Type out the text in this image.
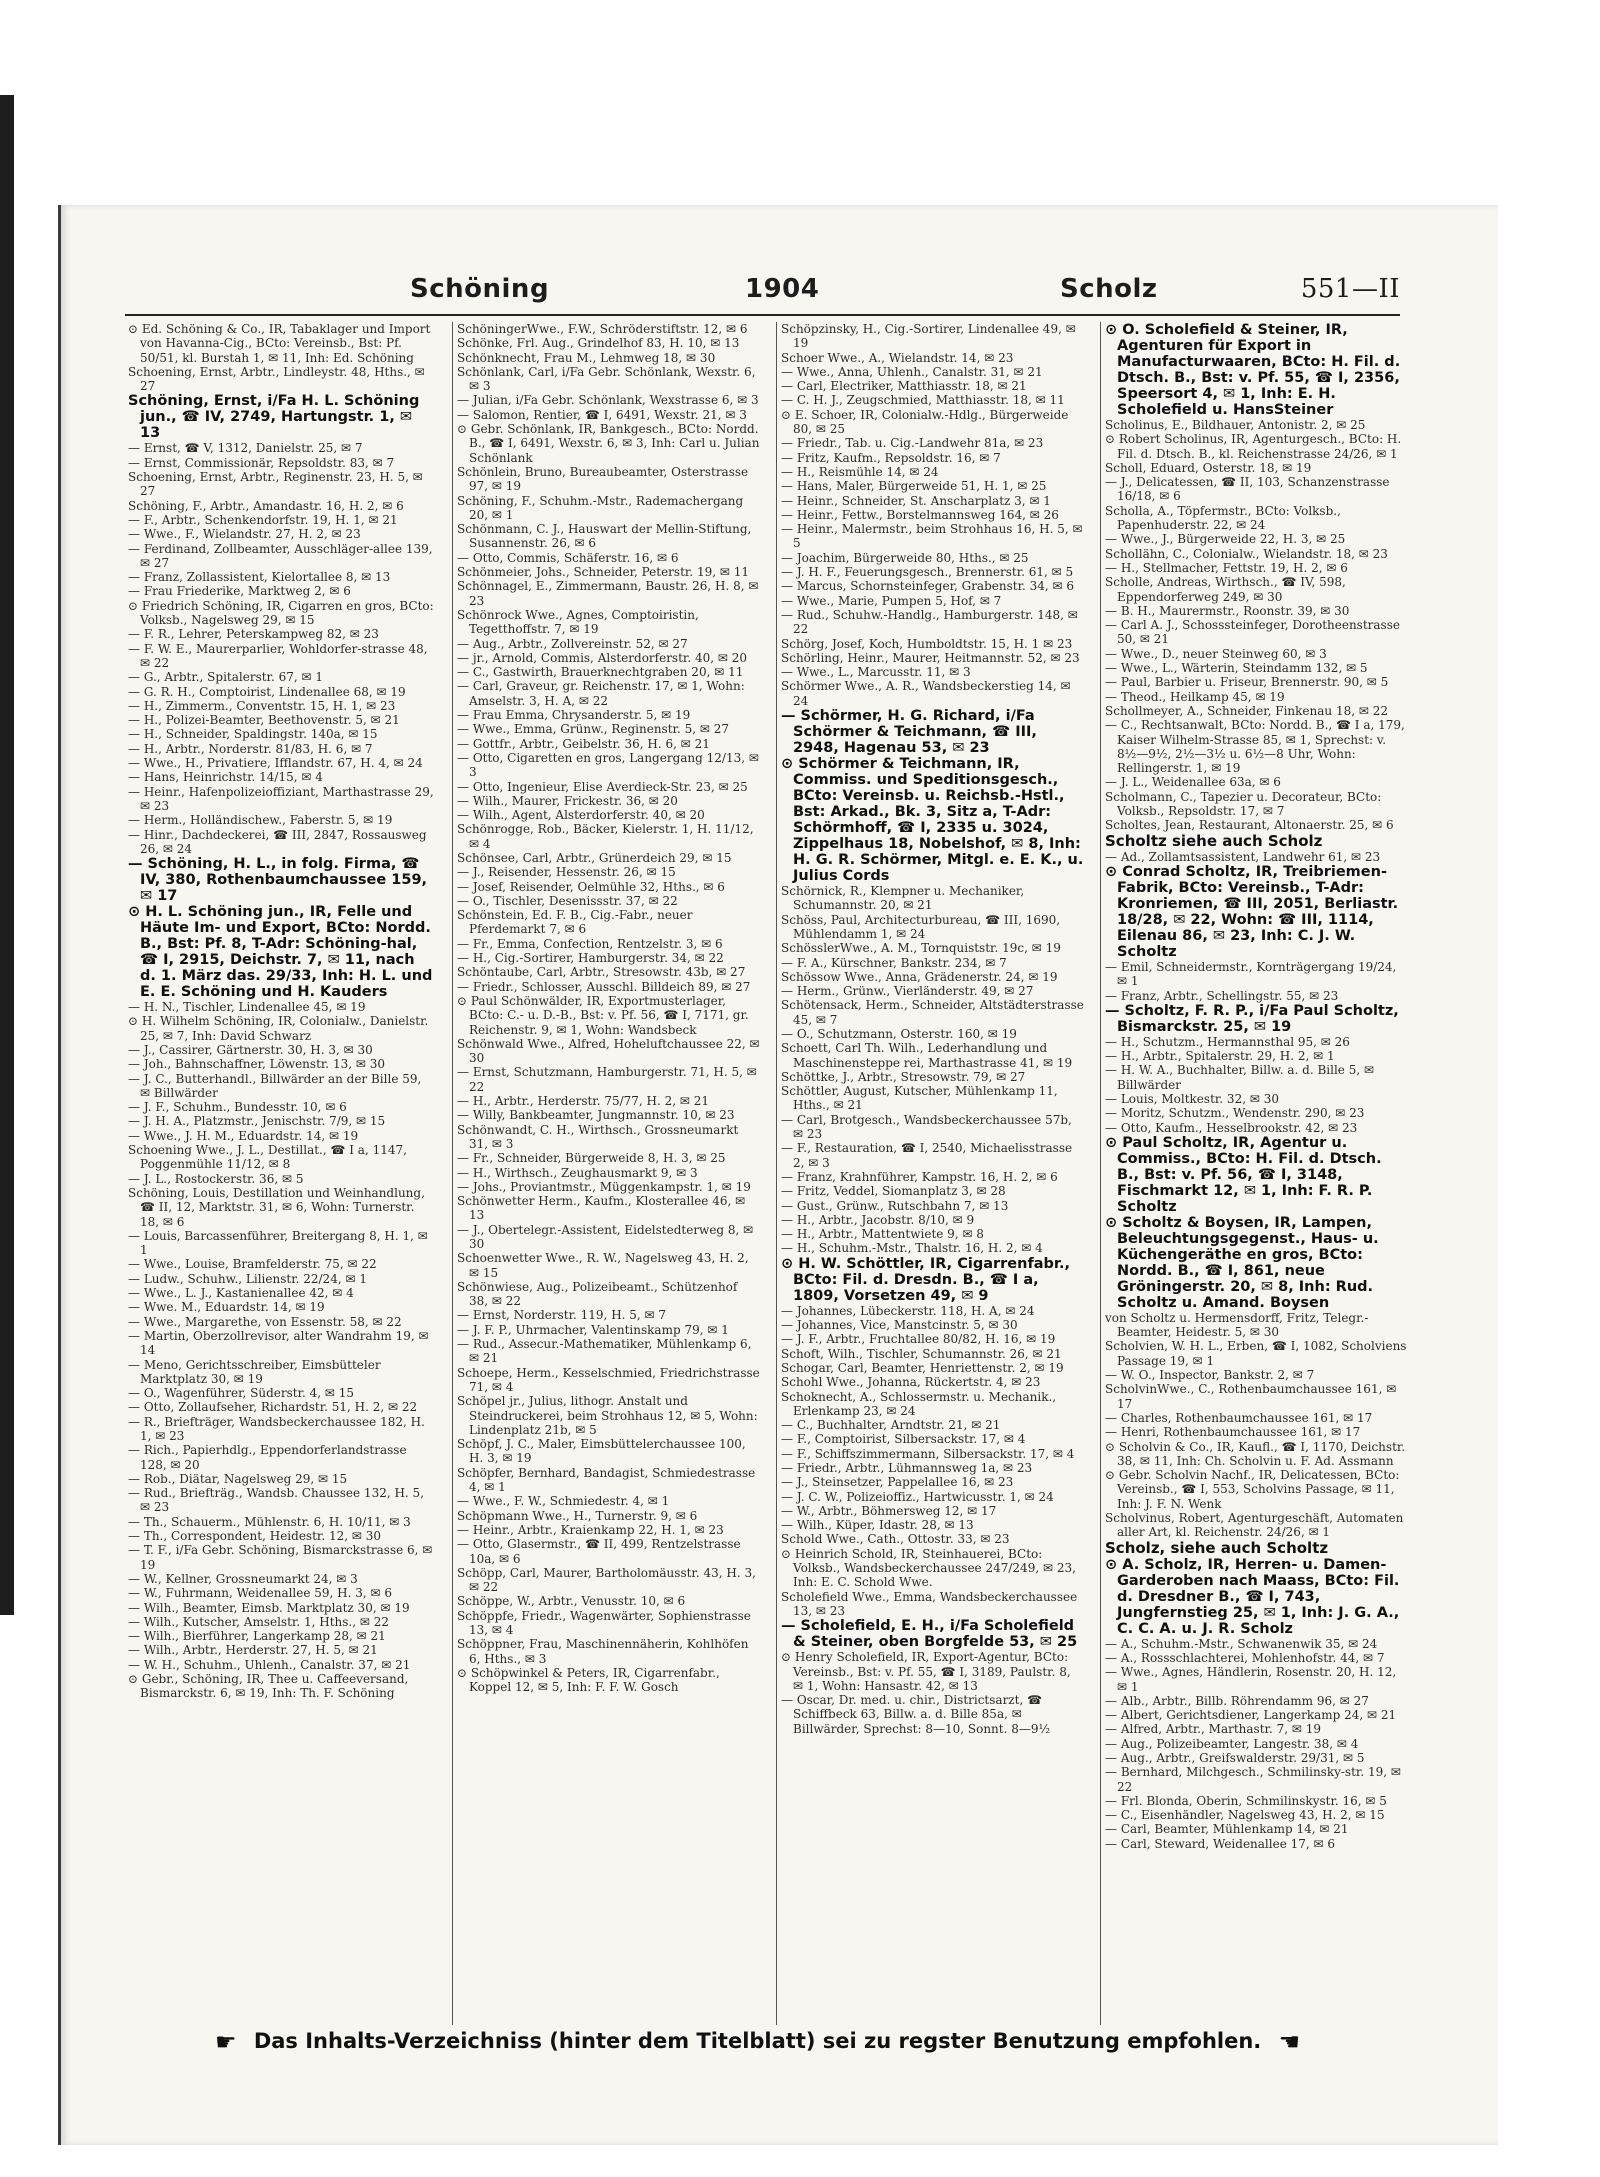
Schöning	1904	Scholz	551—II
⊙ Ed. Schöning & Co., IR, Tabaklager und Import von Havanna-Cig., BCto: Vereinsb., Bst: Pf. 50/51, kl. Burstah 1, ✉ 11, Inh: Ed. Schöning
Schoening, Ernst, Arbtr., Lindleystr. 48, Hths., ✉ 27
Schöning, Ernst, i/Fa H. L. Schöning jun., ☎ IV, 2749, Hartungstr. 1, ✉ 13
— Ernst, ☎ V, 1312, Danielstr. 25, ✉ 7
— Ernst, Commissionär, Repsoldstr. 83, ✉ 7
Schoening, Ernst, Arbtr., Reginenstr. 23, H. 5, ✉ 27
Schöning, F., Arbtr., Amandastr. 16, H. 2, ✉ 6
— F., Arbtr., Schenkendorfstr. 19, H. 1, ✉ 21
— Wwe., F., Wielandstr. 27, H. 2, ✉ 23
— Ferdinand, Zollbeamter, Ausschläger-allee 139, ✉ 27
— Franz, Zollassistent, Kielortallee 8, ✉ 13
— Frau Friederike, Marktweg 2, ✉ 6
⊙ Friedrich Schöning, IR, Cigarren en gros, BCto: Volksb., Nagelsweg 29, ✉ 15
— F. R., Lehrer, Peterskampweg 82, ✉ 23
— F. W. E., Maurerparlier, Wohldorfer-strasse 48, ✉ 22
— G., Arbtr., Spitalerstr. 67, ✉ 1
— G. R. H., Comptoirist, Lindenallee 68, ✉ 19
— H., Zimmerm., Conventstr. 15, H. 1, ✉ 23
— H., Polizei-Beamter, Beethovenstr. 5, ✉ 21
— H., Schneider, Spaldingstr. 140a, ✉ 15
— H., Arbtr., Norderstr. 81/83, H. 6, ✉ 7
— Wwe., H., Privatiere, Ifflandstr. 67, H. 4, ✉ 24
— Hans, Heinrichstr. 14/15, ✉ 4
— Heinr., Hafenpolizeioffiziant, Marthastrasse 29, ✉ 23
— Herm., Holländischew., Faberstr. 5, ✉ 19
— Hinr., Dachdeckerei, ☎ III, 2847, Rossausweg 26, ✉ 24
— Schöning, H. L., in folg. Firma, ☎ IV, 380, Rothenbaumchaussee 159, ✉ 17
⊙ H. L. Schöning jun., IR, Felle und Häute Im- und Export, BCto: Nordd. B., Bst: Pf. 8, T-Adr: Schöning-hal, ☎ I, 2915, Deichstr. 7, ✉ 11, nach d. 1. März das. 29/33, Inh: H. L. und E. E. Schöning und H. Kauders
— H. N., Tischler, Lindenallee 45, ✉ 19
⊙ H. Wilhelm Schöning, IR, Colonialw., Danielstr. 25, ✉ 7, Inh: David Schwarz
— J., Cassirer, Gärtnerstr. 30, H. 3, ✉ 30
— Joh., Bahnschaffner, Löwenstr. 13, ✉ 30
— J. C., Butterhandl., Billwärder an der Bille 59, ✉ Billwärder
— J. F., Schuhm., Bundesstr. 10, ✉ 6
— J. H. A., Platzmstr., Jenischstr. 7/9, ✉ 15
— Wwe., J. H. M., Eduardstr. 14, ✉ 19
Schoening Wwe., J. L., Destillat., ☎ I a, 1147, Poggenmühle 11/12, ✉ 8
— J. L., Rostockerstr. 36, ✉ 5
Schöning, Louis, Destillation und Weinhandlung, ☎ II, 12, Marktstr. 31, ✉ 6, Wohn: Turnerstr. 18, ✉ 6
— Louis, Barcassenführer, Breitergang 8, H. 1, ✉ 1
— Wwe., Louise, Bramfelderstr. 75, ✉ 22
— Ludw., Schuhw., Lilienstr. 22/24, ✉ 1
— Wwe., L. J., Kastanienallee 42, ✉ 4
— Wwe. M., Eduardstr. 14, ✉ 19
— Wwe., Margarethe, von Essenstr. 58, ✉ 22
— Martin, Oberzollrevisor, alter Wandrahm 19, ✉ 14
— Meno, Gerichtsschreiber, Eimsbütteler Marktplatz 30, ✉ 19
— O., Wagenführer, Süderstr. 4, ✉ 15
— Otto, Zollaufseher, Richardstr. 51, H. 2, ✉ 22
— R., Briefträger, Wandsbeckerchaussee 182, H. 1, ✉ 23
— Rich., Papierhdlg., Eppendorferlandstrasse 128, ✉ 20
— Rob., Diätar, Nagelsweg 29, ✉ 15
— Rud., Briefträg., Wandsb. Chaussee 132, H. 5, ✉ 23
— Th., Schauerm., Mühlenstr. 6, H. 10/11, ✉ 3
— Th., Correspondent, Heidestr. 12, ✉ 30
— T. F., i/Fa Gebr. Schöning, Bismarckstrasse 6, ✉ 19
— W., Kellner, Grossneumarkt 24, ✉ 3
— W., Fuhrmann, Weidenallee 59, H. 3, ✉ 6
— Wilh., Beamter, Eimsb. Marktplatz 30, ✉ 19
— Wilh., Kutscher, Amselstr. 1, Hths., ✉ 22
— Wilh., Bierführer, Langerkamp 28, ✉ 21
— Wilh., Arbtr., Herderstr. 27, H. 5, ✉ 21
— W. H., Schuhm., Uhlenh., Canalstr. 37, ✉ 21
⊙ Gebr., Schöning, IR, Thee u. Caffeeversand, Bismarckstr. 6, ✉ 19, Inh: Th. F. Schöning
SchöningerWwe., F.W., Schröderstiftstr. 12, ✉ 6
Schönke, Frl. Aug., Grindelhof 83, H. 10, ✉ 13
Schönknecht, Frau M., Lehmweg 18, ✉ 30
Schönlank, Carl, i/Fa Gebr. Schönlank, Wexstr. 6, ✉ 3
— Julian, i/Fa Gebr. Schönlank, Wexstrasse 6, ✉ 3
— Salomon, Rentier, ☎ I, 6491, Wexstr. 21, ✉ 3
⊙ Gebr. Schönlank, IR, Bankgesch., BCto: Nordd. B., ☎ I, 6491, Wexstr. 6, ✉ 3, Inh: Carl u. Julian Schönlank
Schönlein, Bruno, Bureaubeamter, Osterstrasse 97, ✉ 19
Schöning, F., Schuhm.-Mstr., Rademachergang 20, ✉ 1
Schönmann, C. J., Hauswart der Mellin-Stiftung, Susannenstr. 26, ✉ 6
— Otto, Commis, Schäferstr. 16, ✉ 6
Schönmeier, Johs., Schneider, Peterstr. 19, ✉ 11
Schönnagel, E., Zimmermann, Baustr. 26, H. 8, ✉ 23
Schönrock Wwe., Agnes, Comptoiristin, Tegetthoffstr. 7, ✉ 19
— Aug., Arbtr., Zollvereinstr. 52, ✉ 27
— jr., Arnold, Commis, Alsterdorferstr. 40, ✉ 20
— C., Gastwirth, Brauerknechtgraben 20, ✉ 11
— Carl, Graveur, gr. Reichenstr. 17, ✉ 1, Wohn: Amselstr. 3, H. A, ✉ 22
— Frau Emma, Chrysanderstr. 5, ✉ 19
— Wwe., Emma, Grünw., Reginenstr. 5, ✉ 27
— Gottfr., Arbtr., Geibelstr. 36, H. 6, ✉ 21
— Otto, Cigaretten en gros, Langergang 12/13, ✉ 3
— Otto, Ingenieur, Elise Averdieck-Str. 23, ✉ 25
— Wilh., Maurer, Frickestr. 36, ✉ 20
— Wilh., Agent, Alsterdorferstr. 40, ✉ 20
Schönrogge, Rob., Bäcker, Kielerstr. 1, H. 11/12, ✉ 4
Schönsee, Carl, Arbtr., Grünerdeich 29, ✉ 15
— J., Reisender, Hessenstr. 26, ✉ 15
— Josef, Reisender, Oelmühle 32, Hths., ✉ 6
— O., Tischler, Desenissstr. 37, ✉ 22
Schönstein, Ed. F. B., Cig.-Fabr., neuer Pferdemarkt 7, ✉ 6
— Fr., Emma, Confection, Rentzelstr. 3, ✉ 6
— H., Cig.-Sortirer, Hamburgerstr. 34, ✉ 22
Schöntaube, Carl, Arbtr., Stresowstr. 43b, ✉ 27
— Friedr., Schlosser, Ausschl. Billdeich 89, ✉ 27
⊙ Paul Schönwälder, IR, Exportmusterlager, BCto: C.- u. D.-B., Bst: v. Pf. 56, ☎ I, 7171, gr. Reichenstr. 9, ✉ 1, Wohn: Wandsbeck
Schönwald Wwe., Alfred, Hoheluftchaussee 22, ✉ 30
— Ernst, Schutzmann, Hamburgerstr. 71, H. 5, ✉ 22
— H., Arbtr., Herderstr. 75/77, H. 2, ✉ 21
— Willy, Bankbeamter, Jungmannstr. 10, ✉ 23
Schönwandt, C. H., Wirthsch., Grossneumarkt 31, ✉ 3
— Fr., Schneider, Bürgerweide 8, H. 3, ✉ 25
— H., Wirthsch., Zeughausmarkt 9, ✉ 3
— Johs., Proviantmstr., Müggenkampstr. 1, ✉ 19
Schönwetter Herm., Kaufm., Klosterallee 46, ✉ 13
— J., Obertelegr.-Assistent, Eidelstedterweg 8, ✉ 30
Schoenwetter Wwe., R. W., Nagelsweg 43, H. 2, ✉ 15
Schönwiese, Aug., Polizeibeamt., Schützenhof 38, ✉ 22
— Ernst, Norderstr. 119, H. 5, ✉ 7
— J. F. P., Uhrmacher, Valentinskamp 79, ✉ 1
— Rud., Assecur.-Mathematiker, Mühlenkamp 6, ✉ 21
Schoepe, Herm., Kesselschmied, Friedrichstrasse 71, ✉ 4
Schöpel jr., Julius, lithogr. Anstalt und Steindruckerei, beim Strohhaus 12, ✉ 5, Wohn: Lindenplatz 21b, ✉ 5
Schöpf, J. C., Maler, Eimsbüttelerchaussee 100, H. 3, ✉ 19
Schöpfer, Bernhard, Bandagist, Schmiedestrasse 4, ✉ 1
— Wwe., F. W., Schmiedestr. 4, ✉ 1
Schöpmann Wwe., H., Turnerstr. 9, ✉ 6
— Heinr., Arbtr., Kraienkamp 22, H. 1, ✉ 23
— Otto, Glasermstr., ☎ II, 499, Rentzelstrasse 10a, ✉ 6
Schöpp, Carl, Maurer, Bartholomäusstr. 43, H. 3, ✉ 22
Schöppe, W., Arbtr., Venusstr. 10, ✉ 6
Schöppfe, Friedr., Wagenwärter, Sophienstrasse 13, ✉ 4
Schöppner, Frau, Maschinennäherin, Kohlhöfen 6, Hths., ✉ 3
⊙ Schöpwinkel & Peters, IR, Cigarrenfabr., Koppel 12, ✉ 5, Inh: F. F. W. Gosch
Schöpzinsky, H., Cig.-Sortirer, Lindenallee 49, ✉ 19
Schoer Wwe., A., Wielandstr. 14, ✉ 23
— Wwe., Anna, Uhlenh., Canalstr. 31, ✉ 21
— Carl, Electriker, Matthiasstr. 18, ✉ 21
— C. H. J., Zeugschmied, Matthiasstr. 18, ✉ 11
⊙ E. Schoer, IR, Colonialw.-Hdlg., Bürgerweide 80, ✉ 25
— Friedr., Tab. u. Cig.-Landwehr 81a, ✉ 23
— Fritz, Kaufm., Repsoldstr. 16, ✉ 7
— H., Reismühle 14, ✉ 24
— Hans, Maler, Bürgerweide 51, H. 1, ✉ 25
— Heinr., Schneider, St. Anscharplatz 3, ✉ 1
— Heinr., Fettw., Borstelmannsweg 164, ✉ 26
— Heinr., Malermstr., beim Strohhaus 16, H. 5, ✉ 5
— Joachim, Bürgerweide 80, Hths., ✉ 25
— J. H. F., Feuerungsgesch., Brennerstr. 61, ✉ 5
— Marcus, Schornsteinfeger, Grabenstr. 34, ✉ 6
— Wwe., Marie, Pumpen 5, Hof, ✉ 7
— Rud., Schuhw.-Handlg., Hamburgerstr. 148, ✉ 22
Schörg, Josef, Koch, Humboldtstr. 15, H. 1 ✉ 23
Schörling, Heinr., Maurer, Heitmannstr. 52, ✉ 23
— Wwe., L., Marcusstr. 11, ✉ 3
Schörmer Wwe., A. R., Wandsbeckerstieg 14, ✉ 24
— Schörmer, H. G. Richard, i/Fa Schörmer & Teichmann, ☎ III, 2948, Hagenau 53, ✉ 23
⊙ Schörmer & Teichmann, IR, Commiss. und Speditionsgesch., BCto: Vereinsb. u. Reichsb.-Hstl., Bst: Arkad., Bk. 3, Sitz a, T-Adr: Schörmhoff, ☎ I, 2335 u. 3024, Zippelhaus 18, Nobelshof, ✉ 8, Inh: H. G. R. Schörmer, Mitgl. e. E. K., u. Julius Cords
Schörnick, R., Klempner u. Mechaniker, Schumannstr. 20, ✉ 21
Schöss, Paul, Architecturbureau, ☎ III, 1690, Mühlendamm 1, ✉ 24
SchösslerWwe., A. M., Tornquiststr. 19c, ✉ 19
— F. A., Kürschner, Bankstr. 234, ✉ 7
Schössow Wwe., Anna, Grädenerstr. 24, ✉ 19
— Herm., Grünw., Vierländerstr. 49, ✉ 27
Schötensack, Herm., Schneider, Altstädterstrasse 45, ✉ 7
— O., Schutzmann, Osterstr. 160, ✉ 19
Schoett, Carl Th. Wilh., Lederhandlung und Maschinensteppe rei, Marthastrasse 41, ✉ 19
Schöttke, J., Arbtr., Stresowstr. 79, ✉ 27
Schöttler, August, Kutscher, Mühlenkamp 11, Hths., ✉ 21
— Carl, Brotgesch., Wandsbeckerchaussee 57b, ✉ 23
— F., Restauration, ☎ I, 2540, Michaelisstrasse 2, ✉ 3
— Franz, Krahnführer, Kampstr. 16, H. 2, ✉ 6
— Fritz, Veddel, Siomanplatz 3, ✉ 28
— Gust., Grünw., Rutschbahn 7, ✉ 13
— H., Arbtr., Jacobstr. 8/10, ✉ 9
— H., Arbtr., Mattentwiete 9, ✉ 8
— H., Schuhm.-Mstr., Thalstr. 16, H. 2, ✉ 4
⊙ H. W. Schöttler, IR, Cigarrenfabr., BCto: Fil. d. Dresdn. B., ☎ I a, 1809, Vorsetzen 49, ✉ 9
— Johannes, Lübeckerstr. 118, H. A, ✉ 24
— Johannes, Vice, Manstcinstr. 5, ✉ 30
— J. F., Arbtr., Fruchtallee 80/82, H. 16, ✉ 19
Schoft, Wilh., Tischler, Schumannstr. 26, ✉ 21
Schogar, Carl, Beamter, Henriettenstr. 2, ✉ 19
Schohl Wwe., Johanna, Rückertstr. 4, ✉ 23
Schoknecht, A., Schlossermstr. u. Mechanik., Erlenkamp 23, ✉ 24
— C., Buchhalter, Arndtstr. 21, ✉ 21
— F., Comptoirist, Silbersackstr. 17, ✉ 4
— F., Schiffszimmermann, Silbersackstr. 17, ✉ 4
— Friedr., Arbtr., Lühmannsweg 1a, ✉ 23
— J., Steinsetzer, Pappelallee 16, ✉ 23
— J. C. W., Polizeioffiz., Hartwicusstr. 1, ✉ 24
— W., Arbtr., Böhmersweg 12, ✉ 17
— Wilh., Küper, Idastr. 28, ✉ 13
Schold Wwe., Cath., Ottostr. 33, ✉ 23
⊙ Heinrich Schold, IR, Steinhauerei, BCto: Volksb., Wandsbeckerchaussee 247/249, ✉ 23, Inh: E. C. Schold Wwe.
Scholefield Wwe., Emma, Wandsbeckerchaussee 13, ✉ 23
— Scholefield, E. H., i/Fa Scholefield & Steiner, oben Borgfelde 53, ✉ 25
⊙ Henry Scholefield, IR, Export-Agentur, BCto: Vereinsb., Bst: v. Pf. 55, ☎ I, 3189, Paulstr. 8, ✉ 1, Wohn: Hansastr. 42, ✉ 13
— Oscar, Dr. med. u. chir., Districtsarzt, ☎ Schiffbeck 63, Billw. a. d. Bille 85a, ✉ Billwärder, Sprechst: 8—10, Sonnt. 8—9½
⊙ O. Scholefield & Steiner, IR, Agenturen für Export in Manufacturwaaren, BCto: H. Fil. d. Dtsch. B., Bst: v. Pf. 55, ☎ I, 2356, Speersort 4, ✉ 1, Inh: E. H. Scholefield u. HansSteiner
Scholinus, E., Bildhauer, Antonistr. 2, ✉ 25
⊙ Robert Scholinus, IR, Agenturgesch., BCto: H. Fil. d. Dtsch. B., kl. Reichenstrasse 24/26, ✉ 1
Scholl, Eduard, Osterstr. 18, ✉ 19
— J., Delicatessen, ☎ II, 103, Schanzenstrasse 16/18, ✉ 6
Scholla, A., Töpfermstr., BCto: Volksb., Papenhuderstr. 22, ✉ 24
— Wwe., J., Bürgerweide 22, H. 3, ✉ 25
Schollähn, C., Colonialw., Wielandstr. 18, ✉ 23
— H., Stellmacher, Fettstr. 19, H. 2, ✉ 6
Scholle, Andreas, Wirthsch., ☎ IV, 598, Eppendorferweg 249, ✉ 30
— B. H., Maurermstr., Roonstr. 39, ✉ 30
— Carl A. J., Schosssteinfeger, Dorotheenstrasse 50, ✉ 21
— Wwe., D., neuer Steinweg 60, ✉ 3
— Wwe., L., Wärterin, Steindamm 132, ✉ 5
— Paul, Barbier u. Friseur, Brennerstr. 90, ✉ 5
— Theod., Heilkamp 45, ✉ 19
Schollmeyer, A., Schneider, Finkenau 18, ✉ 22
— C., Rechtsanwalt, BCto: Nordd. B., ☎ I a, 179, Kaiser Wilhelm-Strasse 85, ✉ 1, Sprechst: v. 8½—9½, 2½—3½ u. 6½—8 Uhr, Wohn: Rellingerstr. 1, ✉ 19
— J. L., Weidenallee 63a, ✉ 6
Scholmann, C., Tapezier u. Decorateur, BCto: Volksb., Repsoldstr. 17, ✉ 7
Scholtes, Jean, Restaurant, Altonaerstr. 25, ✉ 6
Scholtz siehe auch Scholz
— Ad., Zollamtsassistent, Landwehr 61, ✉ 23
⊙ Conrad Scholtz, IR, Treibriemen-Fabrik, BCto: Vereinsb., T-Adr: Kronriemen, ☎ III, 2051, Berliastr. 18/28, ✉ 22, Wohn: ☎ III, 1114, Eilenau 86, ✉ 23, Inh: C. J. W. Scholtz
— Emil, Schneidermstr., Kornträgergang 19/24, ✉ 1
— Franz, Arbtr., Schellingstr. 55, ✉ 23
— Scholtz, F. R. P., i/Fa Paul Scholtz, Bismarckstr. 25, ✉ 19
— H., Schutzm., Hermannsthal 95, ✉ 26
— H., Arbtr., Spitalerstr. 29, H. 2, ✉ 1
— H. W. A., Buchhalter, Billw. a. d. Bille 5, ✉ Billwärder
— Louis, Moltkestr. 32, ✉ 30
— Moritz, Schutzm., Wendenstr. 290, ✉ 23
— Otto, Kaufm., Hesselbrookstr. 42, ✉ 23
⊙ Paul Scholtz, IR, Agentur u. Commiss., BCto: H. Fil. d. Dtsch. B., Bst: v. Pf. 56, ☎ I, 3148, Fischmarkt 12, ✉ 1, Inh: F. R. P. Scholtz
⊙ Scholtz & Boysen, IR, Lampen, Beleuchtungsgegenst., Haus- u. Küchengeräthe en gros, BCto: Nordd. B., ☎ I, 861, neue Gröningerstr. 20, ✉ 8, Inh: Rud. Scholtz u. Amand. Boysen
von Scholtz u. Hermensdorff, Fritz, Telegr.-Beamter, Heidestr. 5, ✉ 30
Scholvien, W. H. L., Erben, ☎ I, 1082, Scholviens Passage 19, ✉ 1
— W. O., Inspector, Bankstr. 2, ✉ 7
ScholvinWwe., C., Rothenbaumchaussee 161, ✉ 17
— Charles, Rothenbaumchaussee 161, ✉ 17
— Henri, Rothenbaumchaussee 161, ✉ 17
⊙ Scholvin & Co., IR, Kaufl., ☎ I, 1170, Deichstr. 38, ✉ 11, Inh: Ch. Scholvin u. F. Ad. Assmann
⊙ Gebr. Scholvin Nachf., IR, Delicatessen, BCto: Vereinsb., ☎ I, 553, Scholvins Passage, ✉ 11, Inh: J. F. N. Wenk
Scholvinus, Robert, Agenturgeschäft, Automaten aller Art, kl. Reichenstr. 24/26, ✉ 1
Scholz, siehe auch Scholtz
⊙ A. Scholz, IR, Herren- u. Damen-Garderoben nach Maass, BCto: Fil. d. Dresdner B., ☎ I, 743, Jungfernstieg 25, ✉ 1, Inh: J. G. A., C. C. A. u. J. R. Scholz
— A., Schuhm.-Mstr., Schwanenwik 35, ✉ 24
— A., Rossschlachterei, Mohlenhofstr. 44, ✉ 7
— Wwe., Agnes, Händlerin, Rosenstr. 20, H. 12, ✉ 1
— Alb., Arbtr., Billb. Röhrendamm 96, ✉ 27
— Albert, Gerichtsdiener, Langerkamp 24, ✉ 21
— Alfred, Arbtr., Marthastr. 7, ✉ 19
— Aug., Polizeibeamter, Langestr. 38, ✉ 4
— Aug., Arbtr., Greifswalderstr. 29/31, ✉ 5
— Bernhard, Milchgesch., Schmilinsky-str. 19, ✉ 22
— Frl. Blonda, Oberin, Schmilinskystr. 16, ✉ 5
— C., Eisenhändler, Nagelsweg 43, H. 2, ✉ 15
— Carl, Beamter, Mühlenkamp 14, ✉ 21
— Carl, Steward, Weidenallee 17, ✉ 6
☛ Das Inhalts-Verzeichniss (hinter dem Titelblatt) sei zu regster Benutzung empfohlen. ☚
